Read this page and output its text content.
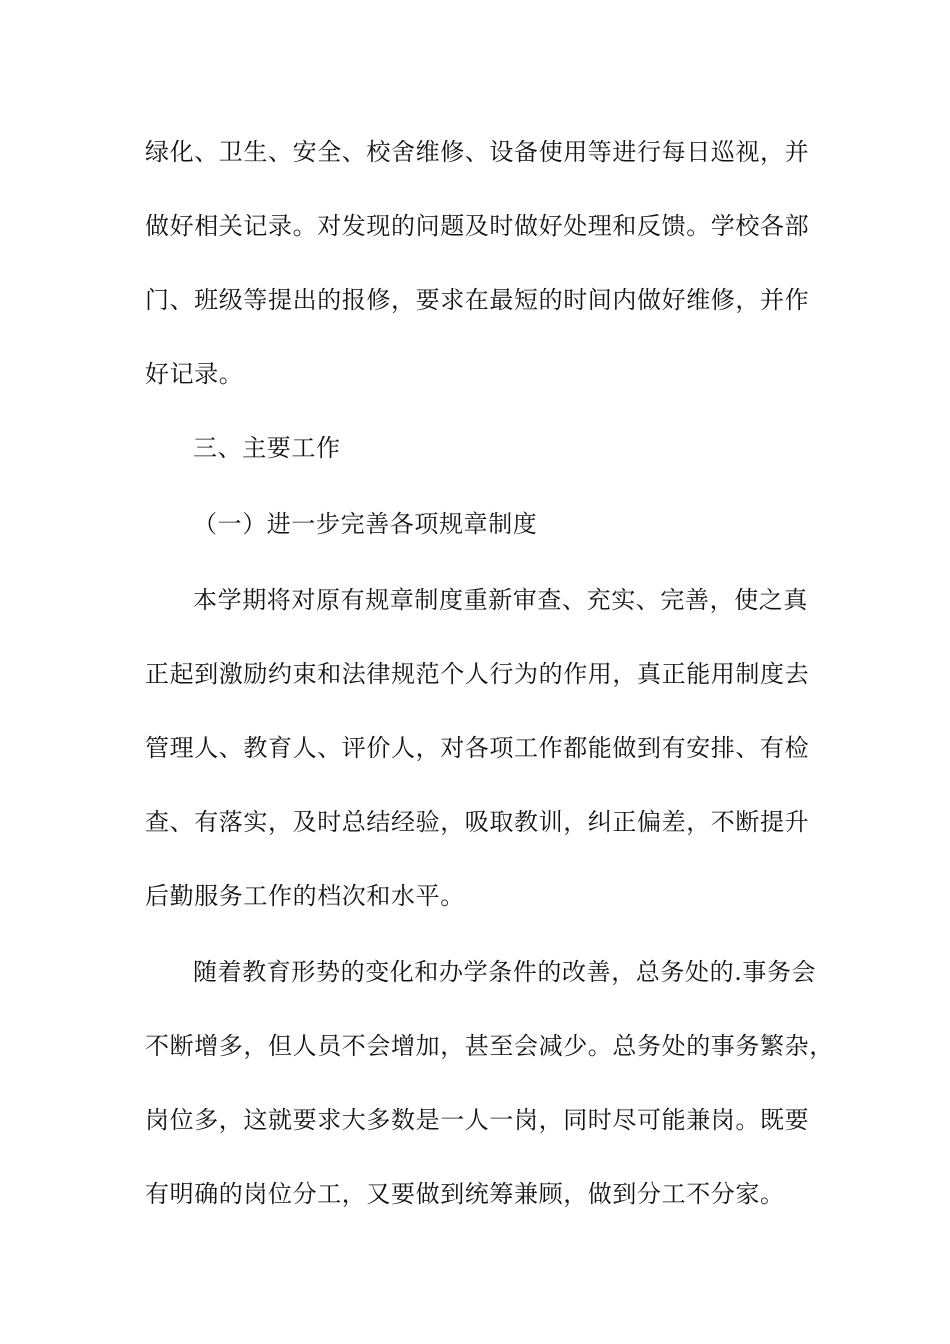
绿化、卫生、安全、校舍维修、设备使用等进行每日巡视，并

做好相关记录。对发现的问题及时做好处理和反馈。学校各部

门、班级等提出的报修，要求在最短的时间内做好维修，并作

好记录。

三、主要工作

（一）进一步完善各项规章制度

本学期将对原有规章制度重新审查、充实、完善，使之真

正起到激励约束和法律规范个人行为的作用，真正能用制度去

管理人、教育人、评价人，对各项工作都能做到有安排、有检

查、有落实，及时总结经验，吸取教训，纠正偏差，不断提升

后勤服务工作的档次和水平。

随着教育形势的变化和办学条件的改善，总务处的.事务会

不断增多，但人员不会增加，甚至会减少。总务处的事务繁杂，

岗位多，这就要求大多数是一人一岗，同时尽可能兼岗。既要

有明确的岗位分工，又要做到统筹兼顾，做到分工不分家。
